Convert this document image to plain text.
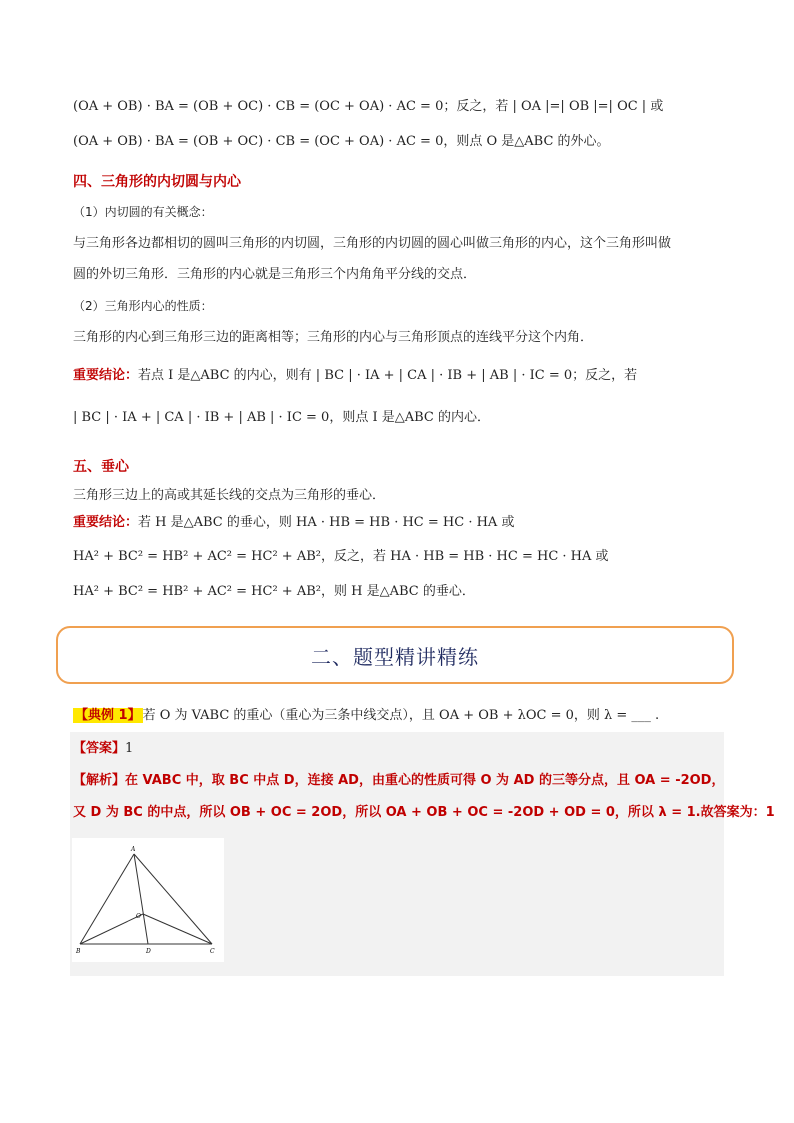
(OA + OB) · BA = (OB + OC) · CB = (OC + OA) · AC = 0；反之，若 | OA |=| OB |=| OC | 或
(OA + OB) · BA = (OB + OC) · CB = (OC + OA) · AC = 0，则点 O 是△ABC 的外心。
四、三角形的内切圆与内心
（1）内切圆的有关概念：
与三角形各边都相切的圆叫三角形的内切圆，三角形的内切圆的圆心叫做三角形的内心，这个三角形叫做
圆的外切三角形．三角形的内心就是三角形三个内角角平分线的交点．
（2）三角形内心的性质：
三角形的内心到三角形三边的距离相等；三角形的内心与三角形顶点的连线平分这个内角．
重要结论：若点 I 是△ABC 的内心，则有 | BC | · IA + | CA | · IB + | AB | · IC = 0；反之，若
| BC | · IA + | CA | · IB + | AB | · IC = 0，则点 I 是△ABC 的内心．
五、垂心
三角形三边上的高或其延长线的交点为三角形的垂心．
重要结论：若 H 是△ABC 的垂心，则 HA · HB = HB · HC = HC · HA 或
HA² + BC² = HB² + AC² = HC² + AB²，反之，若 HA · HB = HB · HC = HC · HA 或
HA² + BC² = HB² + AC² = HC² + AB²，则 H 是△ABC 的垂心．
二、题型精讲精练
【典例 1】 若 O 为 VABC 的重心（重心为三条中线交点），且 OA + OB + λOC = 0，则 λ = ___ .
【答案】1
【解析】在 VABC 中，取 BC 中点 D，连接 AD，由重心的性质可得 O 为 AD 的三等分点，且 OA = -2OD，
又 D 为 BC 的中点，所以 OB + OC = 2OD，所以 OA + OB + OC = -2OD + OD = 0，所以 λ = 1.故答案为：1
A
B	C
D
O
